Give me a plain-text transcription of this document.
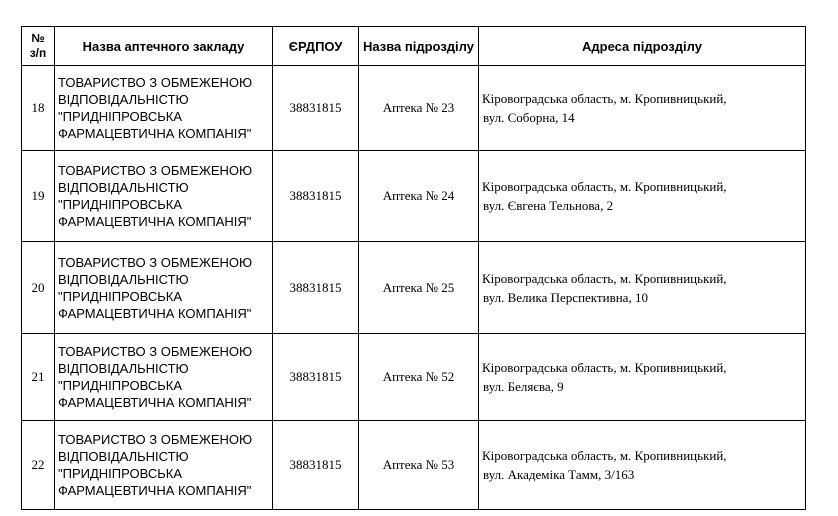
№
з/п	Назва аптечного закладу	ЄРДПОУ	Назва підрозділу	Адреса підрозділу
18	ТОВАРИСТВО З ОБМЕЖЕНОЮ
ВІДПОВІДАЛЬНІСТЮ
"ПРИДНІПРОВСЬКА
ФАРМАЦЕВТИЧНА КОМПАНІЯ"	38831815	Аптека № 23	Кіровоградська область, м. Кропивницький,
вул. Соборна, 14

19	ТОВАРИСТВО З ОБМЕЖЕНОЮ
ВІДПОВІДАЛЬНІСТЮ
"ПРИДНІПРОВСЬКА
ФАРМАЦЕВТИЧНА КОМПАНІЯ"	38831815	Аптека № 24	Кіровоградська область, м. Кропивницький,
вул. Євгена Тельнова, 2

20	ТОВАРИСТВО З ОБМЕЖЕНОЮ
ВІДПОВІДАЛЬНІСТЮ
"ПРИДНІПРОВСЬКА
ФАРМАЦЕВТИЧНА КОМПАНІЯ"	38831815	Аптека № 25	Кіровоградська область, м. Кропивницький,
вул. Велика Перспективна, 10

21	ТОВАРИСТВО З ОБМЕЖЕНОЮ
ВІДПОВІДАЛЬНІСТЮ
"ПРИДНІПРОВСЬКА
ФАРМАЦЕВТИЧНА КОМПАНІЯ"	38831815	Аптека № 52	Кіровоградська область, м. Кропивницький,
вул. Беляєва, 9

22	ТОВАРИСТВО З ОБМЕЖЕНОЮ
ВІДПОВІДАЛЬНІСТЮ
"ПРИДНІПРОВСЬКА
ФАРМАЦЕВТИЧНА КОМПАНІЯ"	38831815	Аптека № 53	Кіровоградська область, м. Кропивницький,
вул. Академіка Тамм, 3/163
